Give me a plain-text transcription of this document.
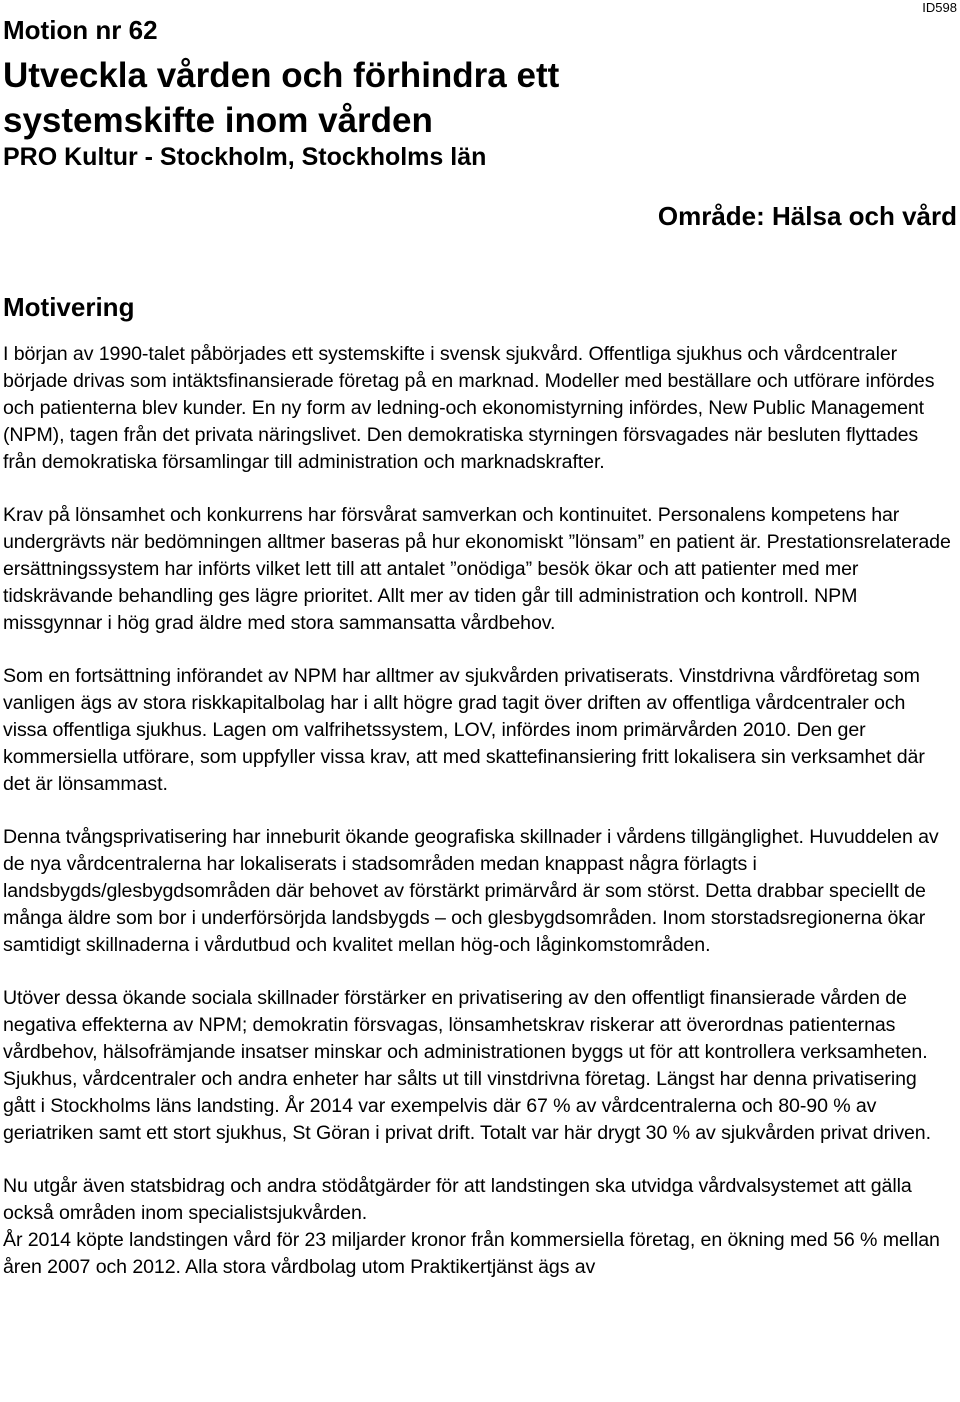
ID598
Motion nr 62
Utveckla vården och förhindra ett systemskifte inom vården
PRO Kultur - Stockholm, Stockholms län
Område: Hälsa och vård
Motivering

I början av 1990-talet påbörjades ett systemskifte i svensk sjukvård. Offentliga sjukhus och vårdcentraler började drivas som intäktsfinansierade företag på en marknad. Modeller med beställare och utförare infördes och patienterna blev kunder. En ny form av ledning-och ekonomistyrning infördes, New Public Management (NPM), tagen från det privata näringslivet. Den demokratiska styrningen försvagades när besluten flyttades från demokratiska församlingar till administration och marknadskrafter.

Krav på lönsamhet och konkurrens har försvårat samverkan och kontinuitet. Personalens kompetens har undergrävts när bedömningen alltmer baseras på hur ekonomiskt ”lönsam” en patient är. Prestationsrelaterade ersättningssystem har införts vilket lett till att antalet ”onödiga” besök ökar och att patienter med mer tidskrävande behandling ges lägre prioritet. Allt mer av tiden går till administration och kontroll. NPM missgynnar i hög grad äldre med stora sammansatta vårdbehov.

Som en fortsättning införandet av NPM har alltmer av sjukvården privatiserats. Vinstdrivna vårdföretag som vanligen ägs av stora riskkapitalbolag har i allt högre grad tagit över driften av offentliga vårdcentraler och vissa offentliga sjukhus. Lagen om valfrihetssystem, LOV, infördes inom primärvården 2010. Den ger kommersiella utförare, som uppfyller vissa krav, att med skattefinansiering fritt lokalisera sin verksamhet där det är lönsammast.

Denna tvångsprivatisering har inneburit ökande geografiska skillnader i vårdens tillgänglighet. Huvuddelen av de nya vårdcentralerna har lokaliserats i stadsområden medan knappast några förlagts i landsbygds/glesbygdsområden där behovet av förstärkt primärvård är som störst. Detta drabbar speciellt de många äldre som bor i underförsörjda landsbygds – och glesbygdsområden. Inom storstadsregionerna ökar samtidigt skillnaderna i vårdutbud och kvalitet mellan hög-och låginkomstområden.

Utöver dessa ökande sociala skillnader förstärker en privatisering av den offentligt finansierade vården de negativa effekterna av NPM; demokratin försvagas, lönsamhetskrav riskerar att överordnas patienternas vårdbehov, hälsofrämjande insatser minskar och administrationen byggs ut för att kontrollera verksamheten. Sjukhus, vårdcentraler och andra enheter har sålts ut till vinstdrivna företag. Längst har denna privatisering gått i Stockholms läns landsting. År 2014 var exempelvis där 67 % av vårdcentralerna och 80-90 % av geriatriken samt ett stort sjukhus, St Göran i privat drift. Totalt var här drygt 30 % av sjukvården privat driven.

Nu utgår även statsbidrag och andra stödåtgärder för att landstingen ska utvidga vårdvalsystemet att gälla också områden inom specialistsjukvården.

År 2014 köpte landstingen vård för 23 miljarder kronor från kommersiella företag, en ökning med 56 % mellan åren 2007 och 2012. Alla stora vårdbolag utom Praktikertjänst ägs av
